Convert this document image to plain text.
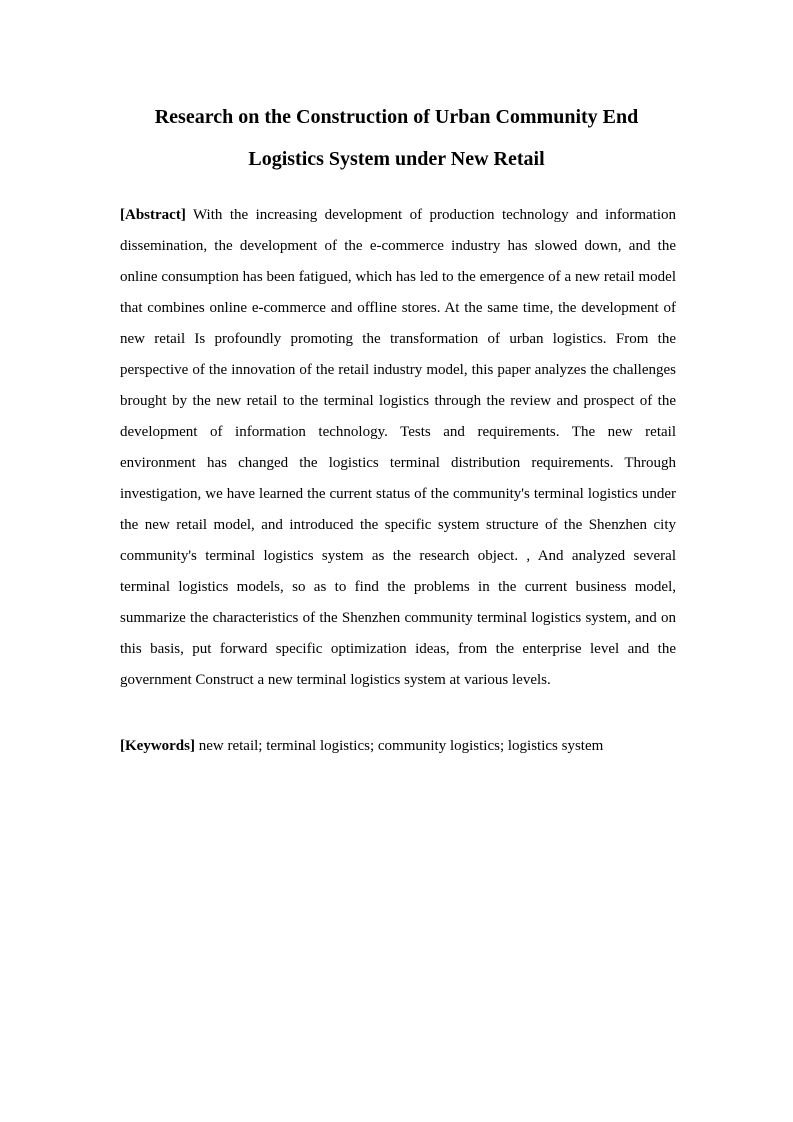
Research on the Construction of Urban Community End
Logistics System under New Retail

[Abstract] With the increasing development of production technology and information dissemination, the development of the e-commerce industry has slowed down, and the online consumption has been fatigued, which has led to the emergence of a new retail model that combines online e-commerce and offline stores. At the same time, the development of new retail Is profoundly promoting the transformation of urban logistics. From the perspective of the innovation of the retail industry model, this paper analyzes the challenges brought by the new retail to the terminal logistics through the review and prospect of the development of information technology. Tests and requirements. The new retail environment has changed the logistics terminal distribution requirements. Through investigation, we have learned the current status of the community's terminal logistics under the new retail model, and introduced the specific system structure of the Shenzhen city community's terminal logistics system as the research object. , And analyzed several terminal logistics models, so as to find the problems in the current business model, summarize the characteristics of the Shenzhen community terminal logistics system, and on this basis, put forward specific optimization ideas, from the enterprise level and the government Construct a new terminal logistics system at various levels.

[Keywords] new retail; terminal logistics; community logistics; logistics system
